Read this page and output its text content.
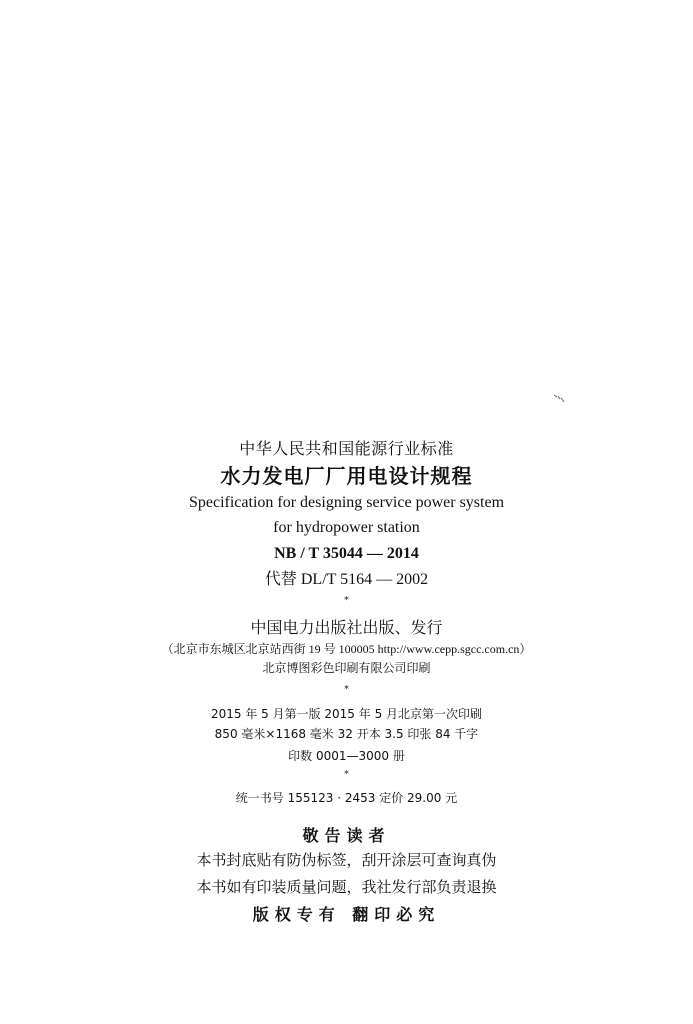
中华人民共和国能源行业标准
水力发电厂厂用电设计规程
Specification for designing service power system
for hydropower station
NB / T 35044 — 2014
代替 DL/T 5164 — 2002
*
中国电力出版社出版、发行
（北京市东城区北京站西街 19 号 100005 http://www.cepp.sgcc.com.cn）
北京博图彩色印刷有限公司印刷
*
2015 年 5 月第一版 2015 年 5 月北京第一次印刷
850 毫米×1168 毫米 32 开本 3.5 印张 84 千字
印数 0001—3000 册
*
统一书号 155123 · 2453 定价 29.00 元
敬告读者
本书封底贴有防伪标签，刮开涂层可查询真伪
本书如有印装质量问题，我社发行部负责退换
版权专有 翻印必究
